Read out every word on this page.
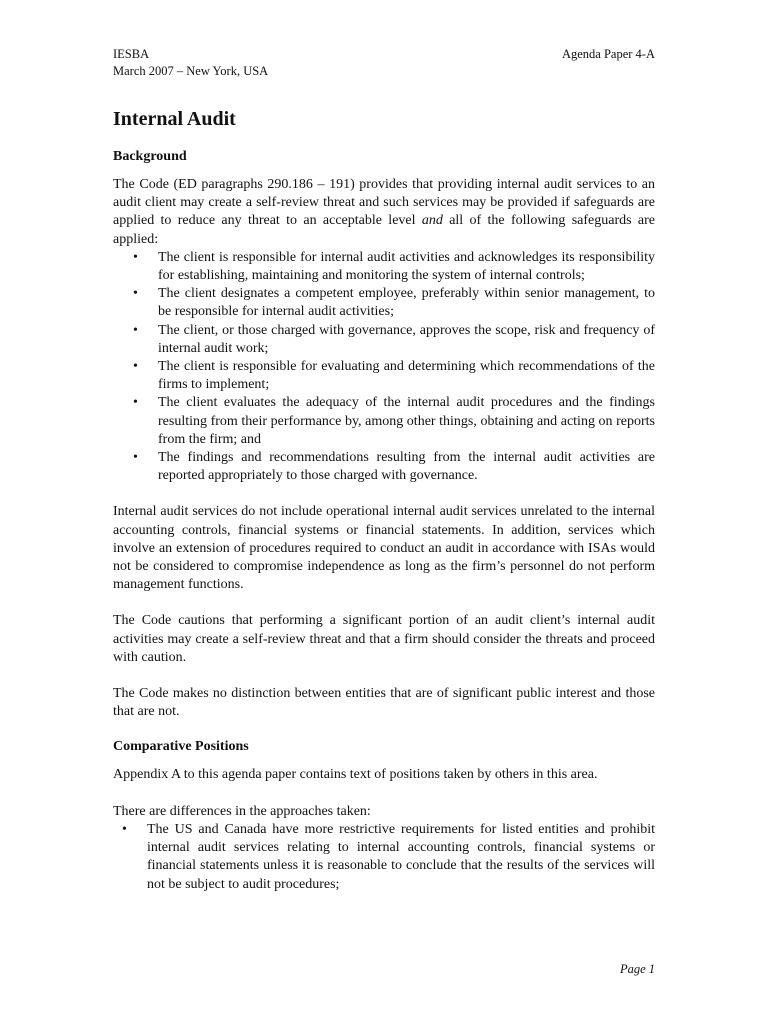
IESBA
March 2007 – New York, USA
Agenda Paper 4-A
Internal Audit
Background

The Code (ED paragraphs 290.186 – 191) provides that providing internal audit services to an audit client may create a self-review threat and such services may be provided if safeguards are applied to reduce any threat to an acceptable level and all of the following safeguards are applied:

• The client is responsible for internal audit activities and acknowledges its responsibility for establishing, maintaining and monitoring the system of internal controls;
• The client designates a competent employee, preferably within senior management, to be responsible for internal audit activities;
• The client, or those charged with governance, approves the scope, risk and frequency of internal audit work;
• The client is responsible for evaluating and determining which recommendations of the firms to implement;
• The client evaluates the adequacy of the internal audit procedures and the findings resulting from their performance by, among other things, obtaining and acting on reports from the firm; and
• The findings and recommendations resulting from the internal audit activities are reported appropriately to those charged with governance.

Internal audit services do not include operational internal audit services unrelated to the internal accounting controls, financial systems or financial statements. In addition, services which involve an extension of procedures required to conduct an audit in accordance with ISAs would not be considered to compromise independence as long as the firm’s personnel do not perform management functions.

The Code cautions that performing a significant portion of an audit client’s internal audit activities may create a self-review threat and that a firm should consider the threats and proceed with caution.

The Code makes no distinction between entities that are of significant public interest and those that are not.

Comparative Positions

Appendix A to this agenda paper contains text of positions taken by others in this area.

There are differences in the approaches taken:

• The US and Canada have more restrictive requirements for listed entities and prohibit internal audit services relating to internal accounting controls, financial systems or financial statements unless it is reasonable to conclude that the results of the services will not be subject to audit procedures;
Page 1
